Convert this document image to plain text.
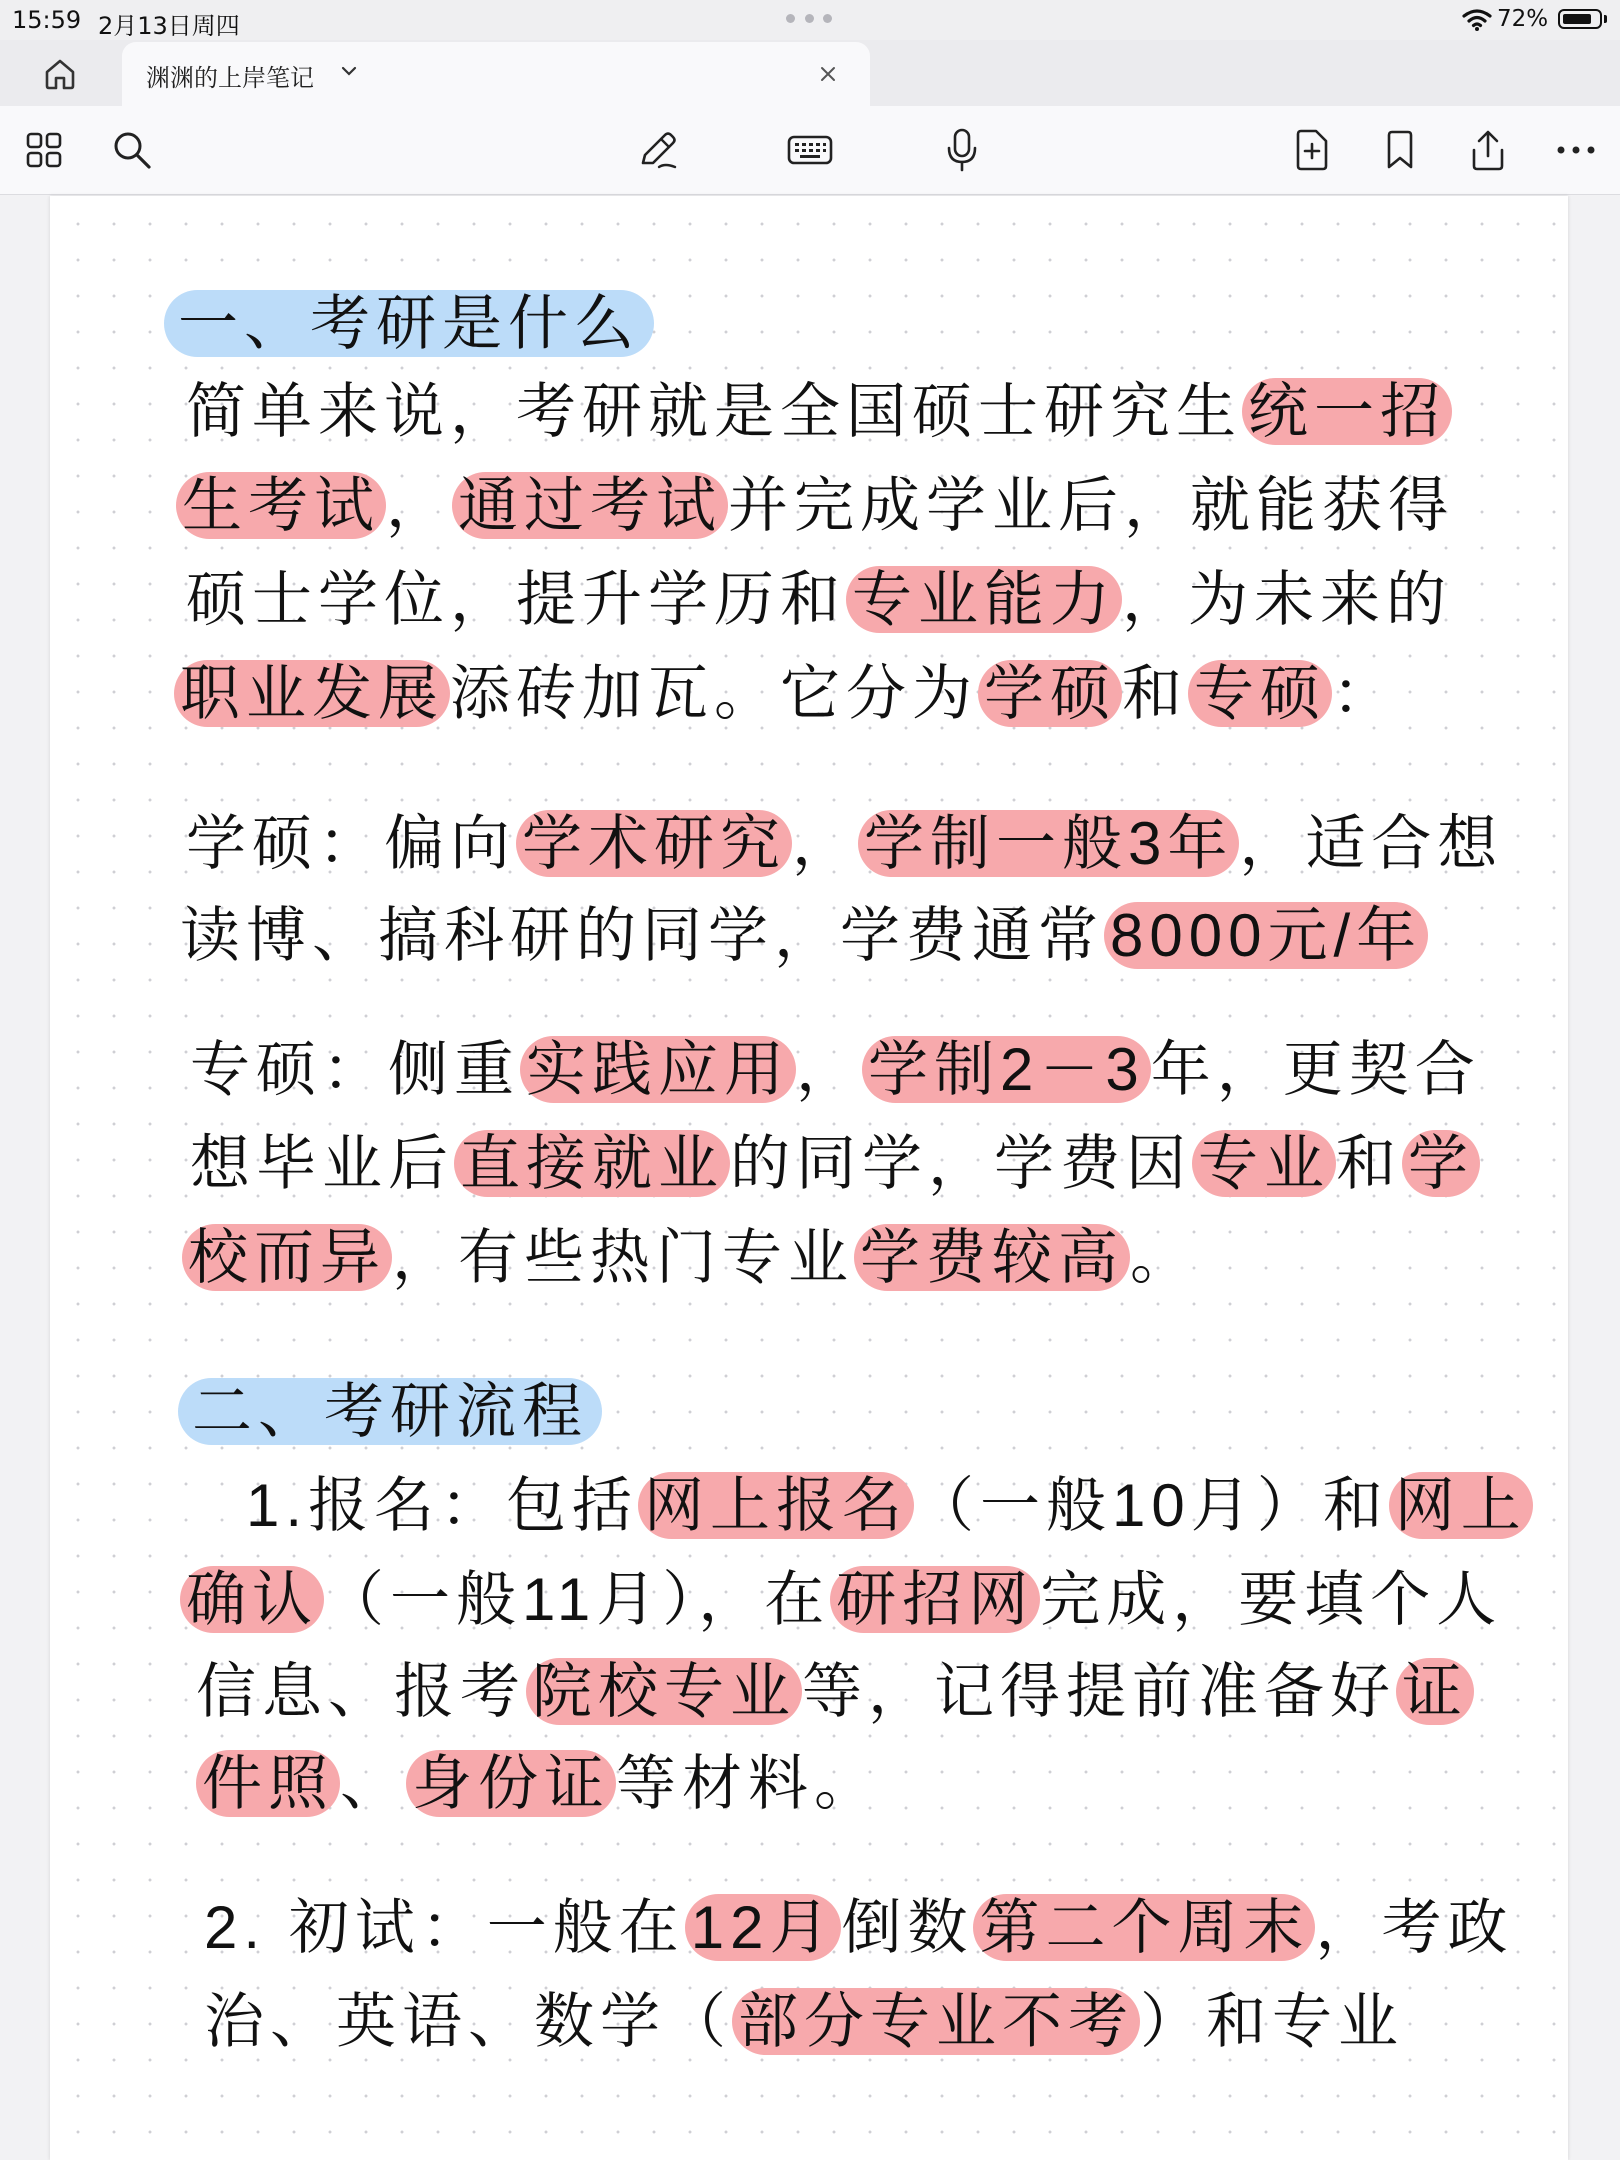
15:59 2月13日周四	72%
渊渊的上岸笔记
一、考研是什么
简单来说，考研就是全国硕士研究生 统一招
生考试 ， 通过考试 并完成学业后，就能获得
硕士学位，提升学历和 专业能力 ，为未来的
职业发展 添砖加瓦。它分为 学硕 和 专硕 ：
学硕：偏向 学术研究 ， 学制一般3年 ，适合想
读博、搞科研的同学，学费通常 8000元/年
专硕：侧重 实践应用 ， 学制2－3 年，更契合
想毕业后 直接就业 的同学，学费因 专业 和 学
校而异 ，有些热门专业 学费较高 。
二、考研流程
1.报名：包括 网上报名 （一般10月）和 网上
确认 （一般11月），在 研招网 完成，要填个人
信息、报考 院校专业 等，记得提前准备好 证
件照 、 身份证 等材料。
2. 初试：一般在 12月 倒数 第二个周末 ，考政
治、英语、数学（ 部分专业不考 ）和专业
